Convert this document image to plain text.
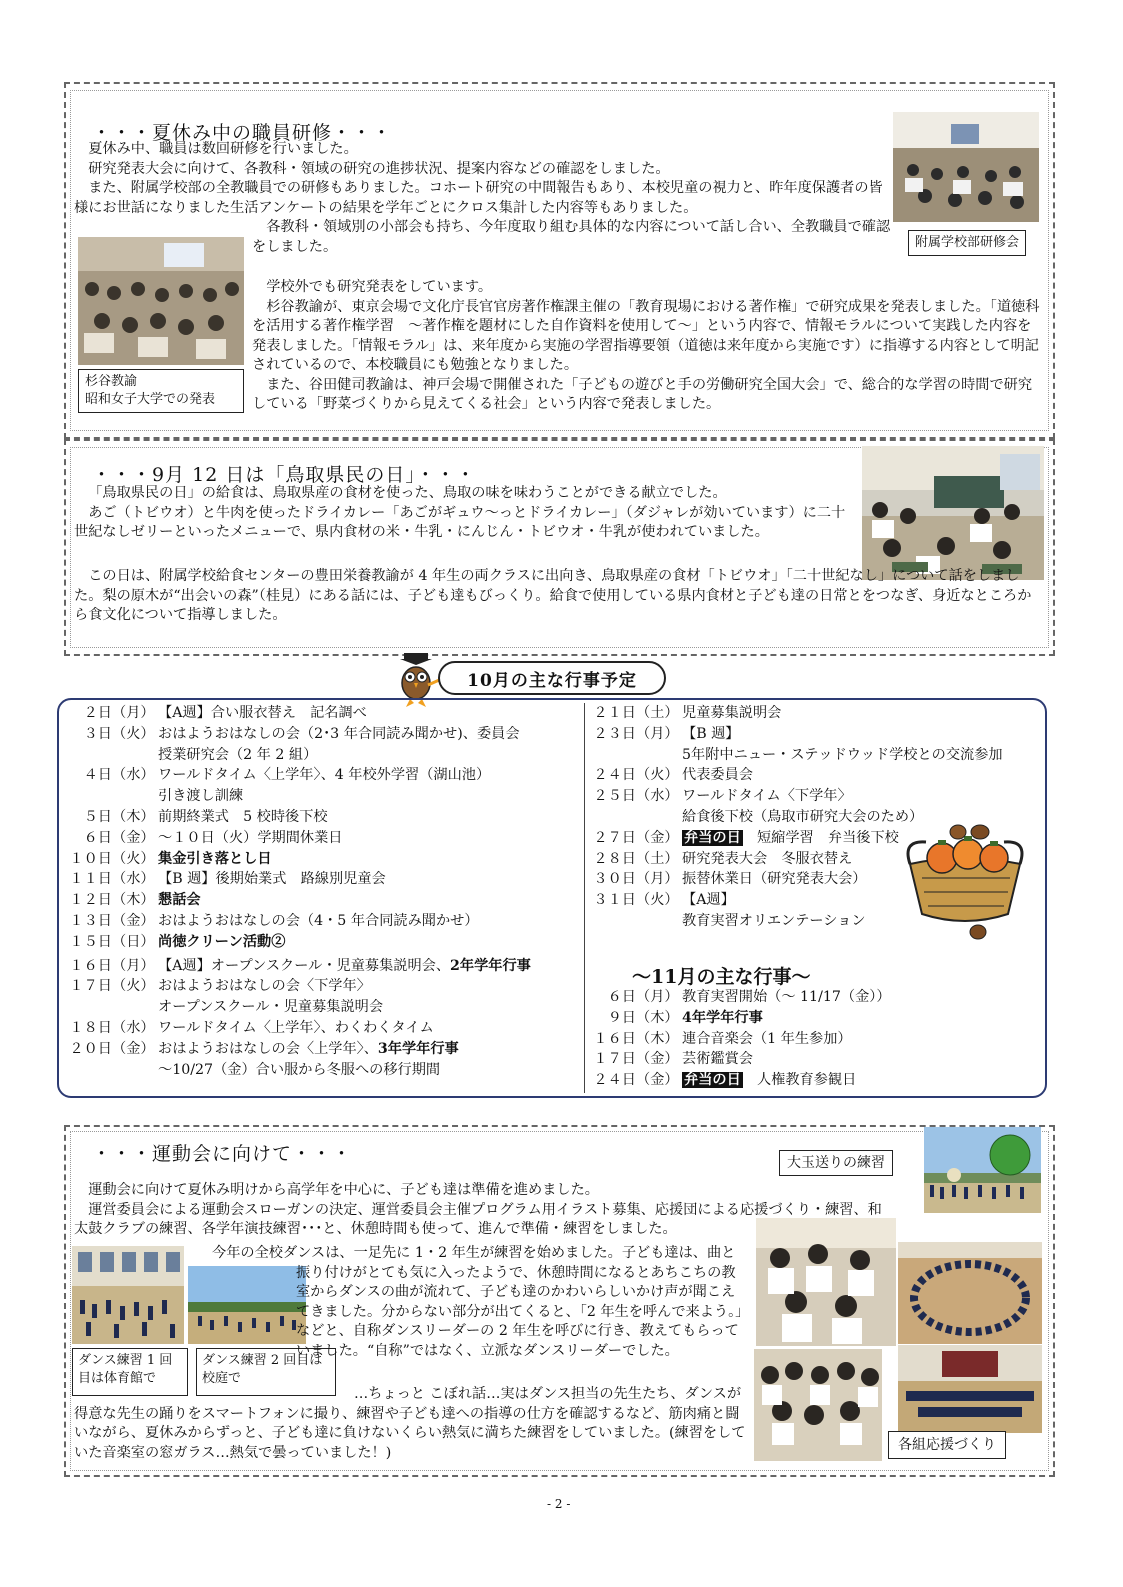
・・・夏休み中の職員研修・・・
附属学校部研修会
杉谷教諭
昭和女子大学での発表

夏休み中、職員は数回研修を行いました。

研究発表大会に向けて、各教科・領域の研究の進捗状況、提案内容などの確認をしました。

また、附属学校部の全教職員での研修もありました。コホート研究の中間報告もあり、本校児童の視力と、昨年度保護者の皆様にお世話になりました生活アンケートの結果を学年ごとにクロス集計した内容等もありました。

各教科・領域別の小部会も持ち、今年度取り組む具体的な内容について話し合い、全教職員で確認をしました。

学校外でも研究発表をしています。

杉谷教諭が、東京会場で文化庁長官官房著作権課主催の「教育現場における著作権」で研究成果を発表しました。「道徳科を活用する著作権学習　～著作権を題材にした自作資料を使用して～」という内容で、情報モラルについて実践した内容を発表しました。「情報モラル」は、来年度から実施の学習指導要領（道徳は来年度から実施です）に指導する内容として明記されているので、本校職員にも勉強となりました。

また、谷田健司教諭は、神戸会場で開催された「子どもの遊びと手の労働研究全国大会」で、総合的な学習の時間で研究している「野菜づくりから見えてくる社会」という内容で発表しました。

・・・9月 12 日は「鳥取県民の日」・・・

「鳥取県民の日」の給食は、鳥取県産の食材を使った、鳥取の味を味わうことができる献立でした。

あご（トビウオ）と牛肉を使ったドライカレー「あごがギュウ～っとドライカレー」（ダジャレが効いています）に二十世紀なしゼリーといったメニューで、県内食材の米・牛乳・にんじん・トビウオ・牛乳が使われていました。

この日は、附属学校給食センターの豊田栄養教諭が 4 年生の両クラスに出向き、鳥取県産の食材「トビウオ」「二十世紀なし」について話をしました。梨の原木が“出会いの森”（桂見）にある話には、子ども達もびっくり。給食で使用している県内食材と子ども達の日常とをつなぎ、身近なところから食文化について指導しました。

10月の主な行事予定
２日（月） 【A週】合い服衣替え　記名調べ
３日（火） おはようおはなしの会（2･3 年合同読み聞かせ)、委員会
授業研究会（2 年 2 組）
４日（水） ワールドタイム〈上学年〉、4 年校外学習（湖山池）
引き渡し訓練
５日（木） 前期終業式　5 校時後下校
６日（金） ～１０日（火）学期間休業日
１０日（火） 集金引き落とし日
１１日（水） 【B 週】後期始業式　路線別児童会
１２日（木） 懇話会
１３日（金） おはようおはなしの会（4・5 年合同読み聞かせ）
１５日（日） 尚徳クリーン活動②
１６日（月） 【A週】オープンスクール・児童募集説明会、2年学年行事
１７日（火） おはようおはなしの会〈下学年〉
オープンスクール・児童募集説明会
１８日（水） ワールドタイム〈上学年〉、わくわくタイム
２０日（金） おはようおはなしの会〈上学年〉、3年学年行事
～10/27（金）合い服から冬服への移行期間
２１日（土） 児童募集説明会
２３日（月） 【B 週】
5年附中ニュー・ステッドウッド学校との交流参加
２４日（火） 代表委員会
２５日（水） ワールドタイム〈下学年〉
給食後下校（鳥取市研究大会のため）
２７日（金） 弁当の日　短縮学習　弁当後下校
２８日（土） 研究発表大会　冬服衣替え
３０日（月） 振替休業日（研究発表大会）
３１日（火） 【A週】
教育実習オリエンテーション
～11月の主な行事～
６日（月） 教育実習開始（～ 11/17（金））
９日（木） 4年学年行事
１６日（木） 連合音楽会（1 年生参加）
１７日（金） 芸術鑑賞会
２４日（金） 弁当の日　人権教育参観日
・・・運動会に向けて・・・	大玉送りの練習

運動会に向けて夏休み明けから高学年を中心に、子ども達は準備を進めました。

運営委員会による運動会スローガンの決定、運営委員会主催プログラム用イラスト募集、応援団による応援づくり・練習、和太鼓クラブの練習、各学年演技練習･･･と、休憩時間も使って、進んで準備・練習をしました。

ダンス練習 1 回目は体育館で
ダンス練習 2 回目は校庭で

今年の全校ダンスは、一足先に 1・2 年生が練習を始めました。子ども達は、曲と振り付けがとても気に入ったようで、休憩時間になるとあちこちの教室からダンスの曲が流れて、子ども達のかわいらしいかけ声が聞こえてきました。分からない部分が出てくると、「2 年生を呼んで来よう。」などと、自称ダンスリーダーの 2 年生を呼びに行き、教えてもらっていました。“自称”ではなく、立派なダンスリーダーでした。

各組応援づくり

…ちょっと こぼれ話…実はダンス担当の先生たち、ダンスが得意な先生の踊りをスマートフォンに撮り、練習や子ども達への指導の仕方を確認するなど、筋肉痛と闘いながら、夏休みからずっと、子ども達に負けないくらい熱気に満ちた練習をしていました。(練習をしていた音楽室の窓ガラス…熱気で曇っていました！)

- 2 -
